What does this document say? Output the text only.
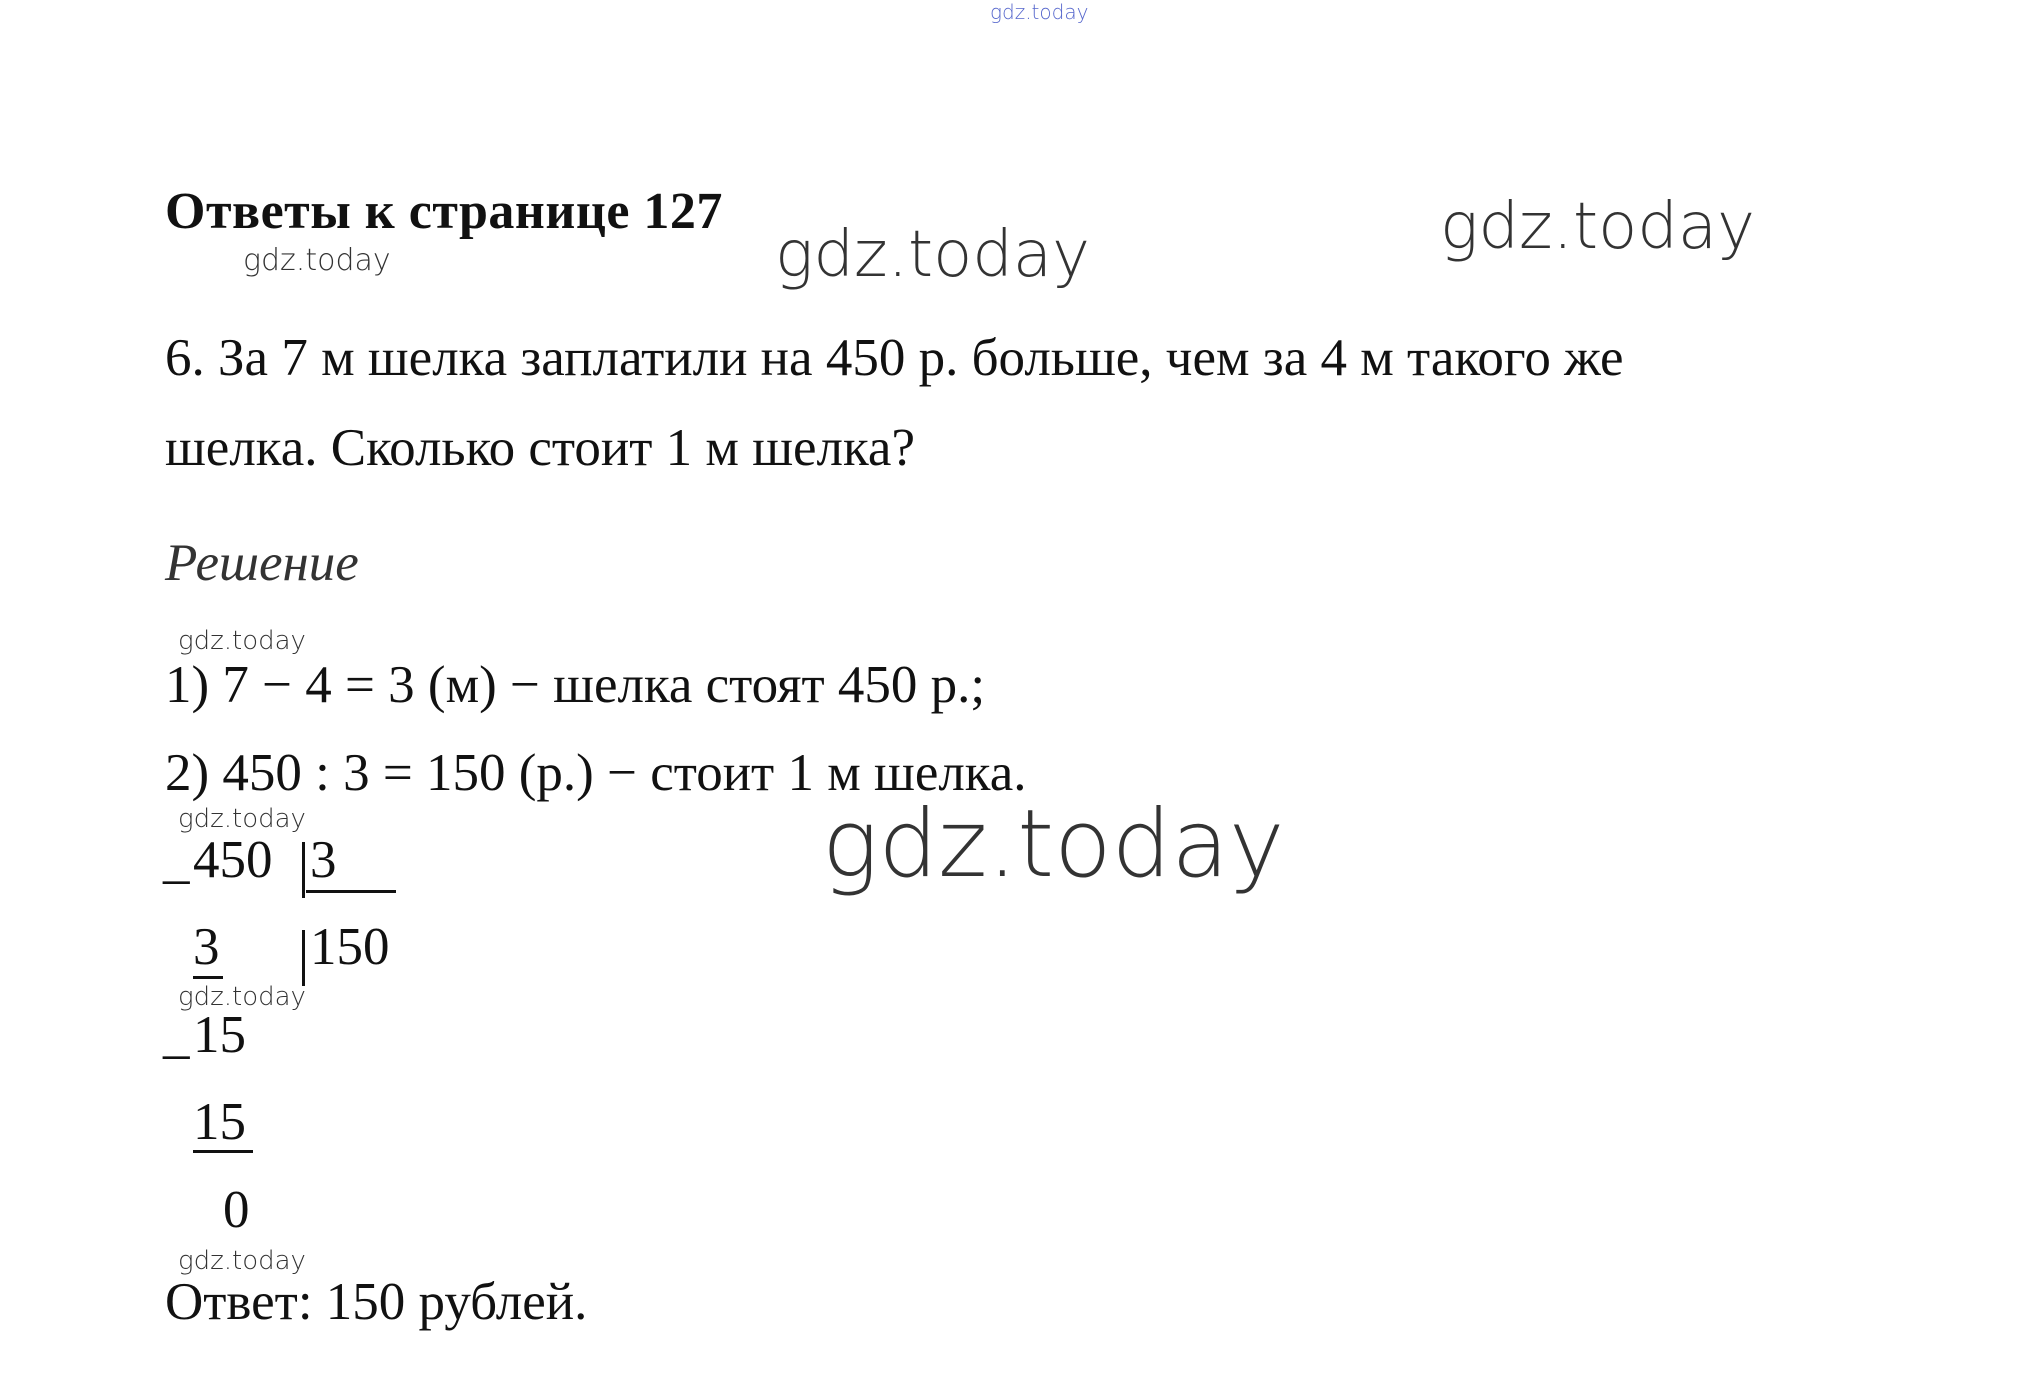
gdz.today
gdz.today	gdz.today	gdz.today
gdz.today
gdz.today	gdz.today
gdz.today
gdz.today
Ответы к странице 127
6. За 7 м шелка заплатили на 450 р. больше, чем за 4 м такого же
шелка. Сколько стоит 1 м шелка?
Решение
1) 7 − 4 = 3 (м) − шелка стоят 450 р.;
2) 450 : 3 = 150 (р.) − стоит 1 м шелка.
_ 450 3
3 150
_ 15
15
0
Ответ: 150 рублей.
